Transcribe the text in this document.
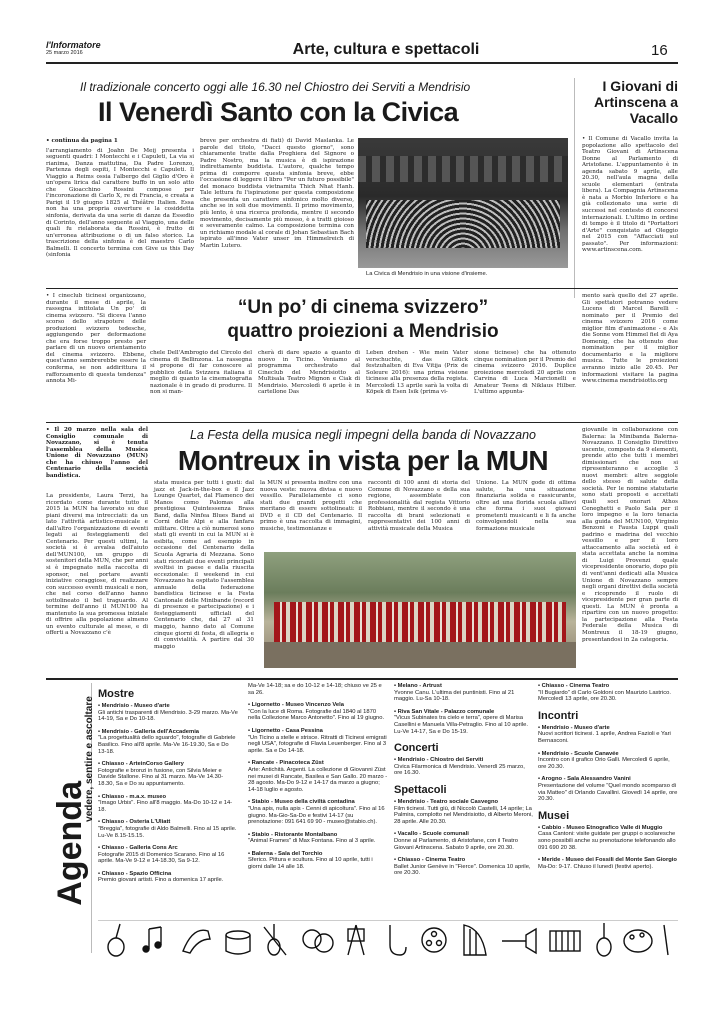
l'Informatore
25 marzo 2016	Arte, cultura e spettacoli	16
Il tradizionale concerto oggi alle 16.30 nel Chiostro dei Serviti a Mendrisio
Il Venerdì Santo con la Civica
• continua da pagina 1
l'arrangiamento di Joahn De Meij presenta i seguenti quadri: I Montecchi e i Capuleti, La via si rianima, Danza mattutina, Da Padre Lorenzo, Partenza degli ospiti, I Montecchi e Capuleti. Il Viaggio a Reims ossia l'albergo del Giglio d'Oro è un'opera lirica dal carattere buffo in un solo atto che Gioacchino Rossini compose per l'incoronazione di Carlo X, re di Francia, e creata a Parigi il 19 giugno 1825 al Théâtre Italien. Essa non ha una propria ouverture e la cosiddetta sinfonia, derivata da una serie di danze da Essedio di Corinto, dell'anno seguente al Viaggio, una delle quali fu rielaborata da Rossini, è frutto di un'erronea attribuzione o di un falso storico. La trascrizione della sinfonia è del maestro Carlo Balmelli. Il concerto termina con Give us this Day (sinfonia
breve per orchestra di fiati) di David Maslanka. Le parole del titolo, "Dacci questo giorno", sono chiaramente tratte dalla Preghiera del Signore o Padre Nostro, ma la musica è di ispirazione indirettamente buddista. L'autore, qualche tempo prima di comporre questa sinfonia breve, ebbe l'occasione di leggere il libro "Per un futuro possibile" del monaco buddista vietnamita Thich Nhat Hanh. Tale lettura fu l'ispirazione per questa composizione che presenta un carattere sinfonico molto diverso, anche se in soli due movimenti. Il primo movimento, più lento, è una ricerca profonda, mentre il secondo movimento, decisamente più mosso, è a tratti gioioso e severamente calmo. La composizione termina con un richiamo modale al corale di Johan Sebastian Bach ispirato all'inno Vater unser im Himmelreich di Martin Lutero.
La Civica di Mendrisio in una visione d'insieme.
I Giovani di Artinscena a Vacallo
• Il Comune di Vacallo invita la popolazione allo spettacolo del Teatro Giovani di Artinscena Donne al Parlamento di Aristofane. L'appuntamento è in agenda sabato 9 aprile, alle 20.30, nell'aula magna della scuole elementari (entrata libera). La Compagnia Artinscena è nata a Morbio Inferiore e ha già collezionato una serie di successi nel contesto di concorsi internazionali. L'ultimo in ordine di tempo è il titolo di "Portattori d'Arte" conquistato ad Oleggio nel 2015 con "Affacciati sul passato". Per informazioni: www.artinscena.com.
• I cineclub ticinesi organizzano, durante il mese di aprile, la rassegna intitolata Un po' di cinema svizzero. "Si diceva l'anno scorso dello strapotere delle produzioni svizzero tedesche, aggiungendo per deformazione che era forse troppo presto per parlare di un nuovo orientamento del cinema svizzero. Ebbene, quest'anno sembrerebbe essere la conferma, se non addirittura il rafforzamento di questa tendenza" annota Mi-
“Un po’ di cinema svizzero”
quattro proiezioni a Mendrisio
chele Dell'Ambrogio del Circolo del cinema di Bellinzona. La rassegna si propone di far conoscere al pubblico della Svizzera italiana il meglio di quanto la cinematografia nazionale è in grado di produrre. Il non si man-
cherà di dare spazio a quanto di nuovo in Ticino. Veniamo al programma orchestrato dal Cineclub del Mendrisiotto al Multisala Teatro Mignon e Ciak di Mendrisio. Mercoledì 6 aprile è in cartellone Das
Leben drehen - Wie mein Vater verschuchte, das Glück festzuhalten di Eva Vitija (Prix de Soleure 2016): una prima visione ticinese alla presenza della regista. Mercoledì 13 aprile sarà la volta di Köpek di Esen Isik (prima vi-
sione ticinese) che ha ottenuto cinque nomination per il Premio del cinema svizzero 2016. Duplice proiezione mercoledì 20 aprile con Carvina di Luca Marcionelli e Amateur Teens di Niklaus Hilber. L'ultimo appunta-
mento sarà quello del 27 aprile. Gli spettatori potranno vedere Lucens di Marcel Barelli - nominato per il Premio del cinema svizzero 2016 come miglior film d'animazione - e Als die Sonne vom Himmel fiel di Aya Domenig, che ha ottenuto due nomination per il miglior documentario e la migliore musica. Tutte le proiezioni avranno inizio alle 20.45. Per informazioni visitare la pagina www.cinema mendrisiotto.org
• Il 20 marzo nella sala del Consiglio comunale di Novazzano, si è tenuta l'assemblea della Musica Unione di Novazzano (MUN) che ha chiuso l'anno del Centenario della società bandistica.
La Festa della musica negli impegni della banda di Novazzano
Montreux in vista per la MUN
La presidente, Laura Terzi, ha ricordato come durante tutto il 2015 la MUN ha lavorato su due piani diversi ma intrecciati: da un lato l'attività artistico-musicale e dall'altro l'organizzazione di eventi legati ai festeggiamenti del Centenario. Per questi ultimi, la società si è avvalsa dell'aiuto dell'MUN100, un gruppo di sostenitori della MUN, che per anni si è impegnato nella raccolta di sponsor, nel portare avanti iniziative coraggiose, di realizzare con successo eventi musicali e non, che nel corso dell'anno hanno sottolineato il bel traguardo. Al termine dell'anno il MUN100 ha mantenuto la sua promessa iniziale di offrire alla popolazione almeno un evento culturale al mese, e di offerti a Novazzano c'è
stata musica per tutti i gusti: dal jazz et Jack-in-the-box e il Jazz Lounge Quartet, dal Flamenco dei Manos como Palomas alla prestigiosa Quintessenza Brass Band, dalla Ninfea Blues Band ai Corni delle Alpi e alla fanfara militare. Oltre a ciò numerosi sono stati gli eventi in cui la MUN si è esibita, come ad esempio in occasione del Centenario della Scuola Agraria di Mezzana. Sono stati ricordati due eventi principali svoltisi in paese e dalla riuscita eccezionale: il weekend in cui Novazzano ha ospitato l'assemblea annuale della federazione bandistica ticinese e la Festa Cantonale delle Minibande (record di presenze e partecipazione) e i festeggiamenti ufficiali del Centenario che, dal 27 al 31 maggio, hanno dato al Comune cinque giorni di festa, di allegria e di convivialità. A partire dal 30 maggio
la MUN si presenta inoltre con una nuova veste: nuova divisa e nuovo vessillo. Parallelamente ci sono stati due grandi progetti che meritano di essere sottolineati: il DVD e il CD del Centenario. Il primo è una raccolta di immagini, musiche, testimonianze e
racconti di 100 anni di storia del Comune di Novazzano e della sua regione, assemblate con professionalità dal regista Vittorio Robbiani, mentre il secondo è una raccolta di brani selezionati e rappresentativi dei 100 anni di attività musicale della Musica
Unione. La MUN gode di ottima salute, ha una situazione finanziaria solida e rassicurante, oltre ad una florida scuola allievi che forma i suoi giovani prometenti musicanti e li fa anche coinvolgendoli nella sua formazione musicale
giovanile in collaborazione con Balerna: la Minibanda Balerna-Novazzano. Il Consiglio Direttivo uscente, composto da 9 elementi, prende atto che tutti i membri dimissionari che non si ripresenteranno e accoglie 3 nuovi membri: altre seggiole dello stesso di salute della società. Per le nomine statutarie sono stati proposti e accettati quali soci onorari Athos Ceneghetti e Paolo Sala per il loro impegno e la loro tenacia alla guida del MUN100, Virginio Benzoni e Fausta Luppi quali padrino e madrina del vecchio vessillo e per il loro attaccamento alla società ed è stata accettata anche la nomina di Luigi Provenzi quale vicepresidente onorario, dopo più di vent'anni dedicati alla Musica Unione di Novazzano sempre negli organi direttivi della società e ricoprendo il ruolo di vicepresidente per gran parte di questi. La MUN è pronta a ripartire con un nuovo progetto: la partecipazione alla Festa Federale della Musica di Montreux il 18-19 giugno, presentandosi in 2a categoria.
Agenda
vedere, sentire e ascoltare
Mostre
• Mendrisio - Museo d'arte
Gli antichi trasparenti di Mendrisio. 3-29 marzo. Ma-Ve 14-19, Sa e Do 10-18.
• Mendrisio - Galleria dell'Accademia
"La progettualità dello sguardo", fotografie di Gabriele Basilico. Fino all'8 aprile. Ma-Ve 16-19.30, Sa e Do 13-18.
• Chiasso - ArteinCorso Gallery
Fotografie e bronzi in fusione, con Silvia Meier e Davide Stallone. Fino al 31 marzo. Ma-Ve 14.30-18.30, Sa e Do su appuntamento.
• Chiasso - m.a.x. museo
"Imago Urbis". Fino all'8 maggio. Ma-Do 10-12 e 14-18.
• Chiasso - Osteria L'Uliatt
"Breggia", fotografie di Aldo Balmelli. Fino al 15 aprile. Lu-Ve 8.15-15.15.
• Chiasso - Galleria Cons Arc
Fotografie 2015 di Domenico Scarano. Fino al 16 aprile. Ma-Ve 9-12 e 14-18.30, Sa 9-12.
• Chiasso - Spazio Officina
Premio giovani artisti. Fino a domenica 17 aprile.
Ma-Ve 14-18; sa e do 10-12 e 14-18; chiuso ve 25 e sa 26.
• Ligornetto - Museo Vincenzo Vela
"Con la luce di Roma. Fotografie dal 1840 al 1870 nella Collezione Marco Antonetto". Fino al 19 giugno.
• Ligornetto - Casa Pessina
"Un Ticino a stelle e strisce. Ritratti di Ticinesi emigrati negli USA", fotografie di Flavia Leuenberger. Fino al 3 aprile. Sa e Do 14-18.
• Rancate - Pinacoteca Züst
Arte: Antichità. Argenti. La collezione di Giovanni Züst nei musei di Rancate, Basilea e San Gallo. 20 marzo - 28 agosto. Ma-Do 9-12 e 14-17 da marzo a giugno; 14-18 luglio e agosto.
• Stabio - Museo della civiltà contadina
"Una apis, nulla apis - Cenni di apicoltura". Fino al 16 giugno. Ma-Gio-Sa-Do e festivi 14-17 (su prenotazione: 091 641 69 90 - museo@stabio.ch).
• Stabio - Ristorante Montalbano
"Animal Frames" di Max Fontana. Fino al 3 aprile.
• Balerna - Sala del Torchio
Sferico. Pittura e scultura. Fino al 10 aprile, tutti i giorni dalle 14 alle 18.
• Melano - Artrust
Yvonne Canu. L'ultima dei puntinisti. Fino al 21 maggio. Lu-Sa 10-18.
• Riva San Vitale - Palazzo comunale
"Vicus Subinates tra cielo e terra", opere di Marisa Casellini e Manuela Villa-Petraglio. Fino al 10 aprile. Lu-Ve 14-17, Sa e Do 15-19.
Concerti
• Mendrisio - Chiostro dei Serviti
Civica Filarmonica di Mendrisio. Venerdì 25 marzo, ore 16.30.
Spettacoli
• Mendrisio - Teatro sociale Casvegno
Film ticinesi. Tutti giù, di Niccolò Castelli, 14 aprile; La Palmira, complotto nel Mendrisiotto, di Alberto Meroni, 28 aprile. Alle 20.30.
• Vacallo - Scuole comunali
Donne al Parlamento, di Aristofane, con il Teatro Giovani Artinscena. Sabato 9 aprile, ore 20.30.
• Chiasso - Cinema Teatro
Ballet Junior Genève in "Fierce". Domenica 10 aprile, ore 20.30.
• Chiasso - Cinema Teatro
"Il Bugiardo" di Carlo Goldoni con Maurizio Lastrico. Mercoledì 13 aprile, ore 20.30.
Incontri
• Mendrisio - Museo d'arte
Nuovi scrittori ticinesi. 1 aprile, Andrea Fazioli e Yari Bernasconi.
• Mendrisio - Scuole Canavée
Incontro con il grafico Orio Galli. Mercoledì 6 aprile, ore 20.30.
• Arogno - Sala Alessandro Vanini
Presentazione del volume "Quel mondo scomparso di via Matteo" di Orlando Cavallini. Giovedì 14 aprile, ore 20.30.
Musei
• Cabbio - Museo Etnografico Valle di Muggio
Casa Cantoni: visite guidate per gruppi o scolaresche sono possibili anche su prenotazione telefonando allo 091 690 20 38.
• Meride - Museo dei Fossili del Monte San Giorgio
Ma-Do: 9-17. Chiuso il lunedì (festivi aperto).
